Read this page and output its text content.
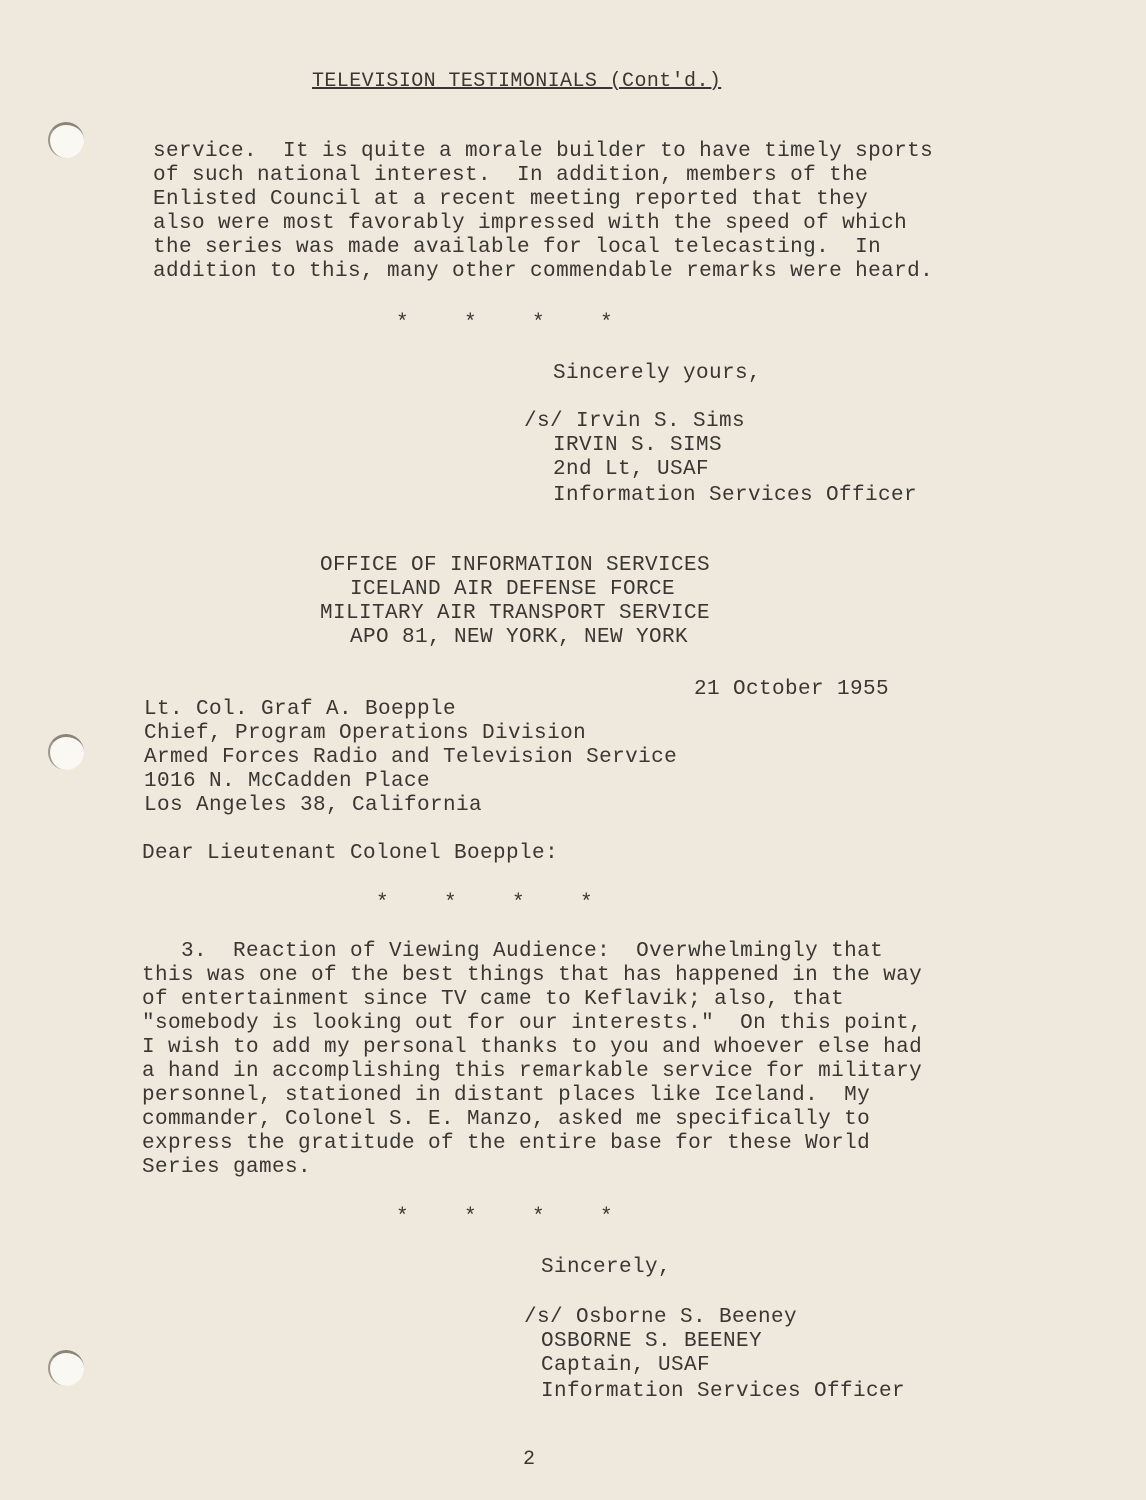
TELEVISION TESTIMONIALS (Cont'd.)
service.  It is quite a morale builder to have timely sports
of such national interest.  In addition, members of the
Enlisted Council at a recent meeting reported that they
also were most favorably impressed with the speed of which
the series was made available for local telecasting.  In
addition to this, many other commendable remarks were heard.
* * * *
Sincerely yours,
/s/ Irvin S. Sims
IRVIN S. SIMS
2nd Lt, USAF
Information Services Officer
OFFICE OF INFORMATION SERVICES
ICELAND AIR DEFENSE FORCE
MILITARY AIR TRANSPORT SERVICE
APO 81, NEW YORK, NEW YORK
21 October 1955
Lt. Col. Graf A. Boepple
Chief, Program Operations Division
Armed Forces Radio and Television Service
1016 N. McCadden Place
Los Angeles 38, California
Dear Lieutenant Colonel Boepple:
* * * *
3.  Reaction of Viewing Audience:  Overwhelmingly that
this was one of the best things that has happened in the way
of entertainment since TV came to Keflavik; also, that
"somebody is looking out for our interests."  On this point,
I wish to add my personal thanks to you and whoever else had
a hand in accomplishing this remarkable service for military
personnel, stationed in distant places like Iceland.  My
commander, Colonel S. E. Manzo, asked me specifically to
express the gratitude of the entire base for these World
Series games.
* * * *
Sincerely,
/s/ Osborne S. Beeney
OSBORNE S. BEENEY
Captain, USAF
Information Services Officer
2
